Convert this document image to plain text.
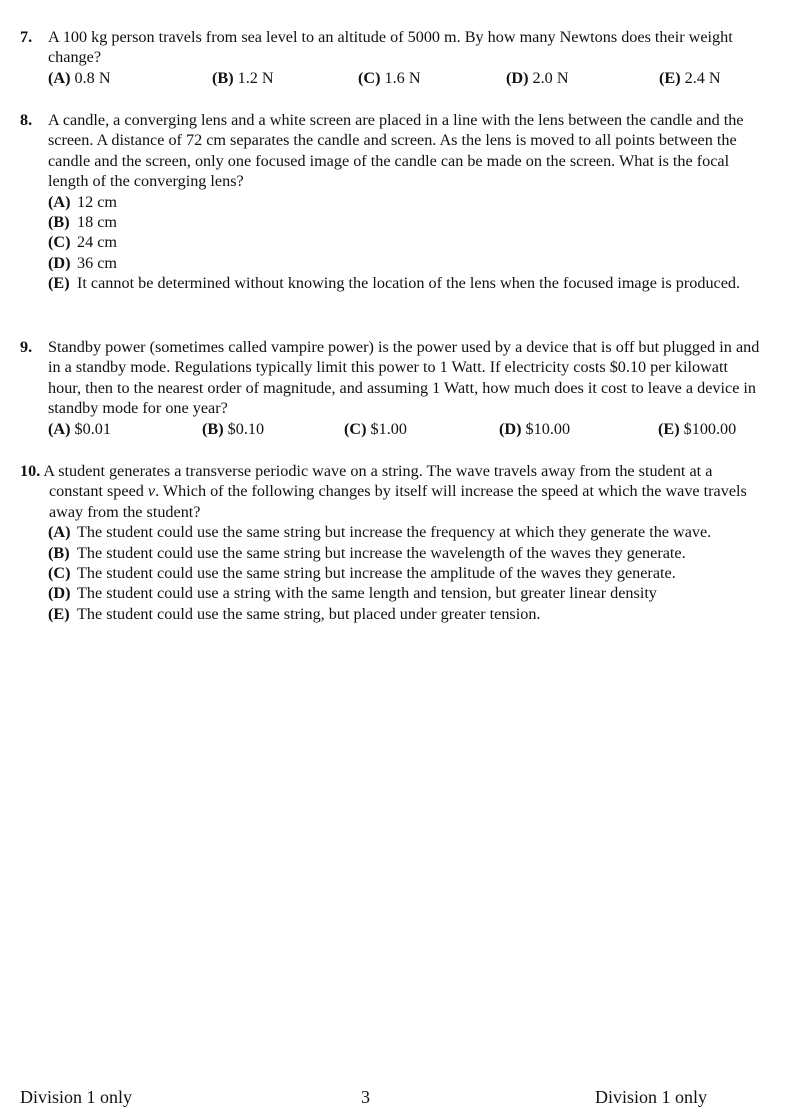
7. A 100 kg person travels from sea level to an altitude of 5000 m. By how many Newtons does their weight change?

(A) 0.8 N	(B) 1.2 N	(C) 1.6 N	(D) 2.0 N	(E) 2.4 N
8. A candle, a converging lens and a white screen are placed in a line with the lens between the candle and the screen. A distance of 72 cm separates the candle and screen. As the lens is moved to all points between the candle and the screen, only one focused image of the candle can be made on the screen. What is the focal length of the converging lens?

(A) 12 cm
(B) 18 cm
(C) 24 cm
(D) 36 cm
(E) It cannot be determined without knowing the location of the lens when the focused image is produced.
9. Standby power (sometimes called vampire power) is the power used by a device that is off but plugged in and in a standby mode. Regulations typically limit this power to 1 Watt. If electricity costs $0.10 per kilowatt hour, then to the nearest order of magnitude, and assuming 1 Watt, how much does it cost to leave a device in standby mode for one year?

(A) $0.01	(B) $0.10	(C) $1.00	(D) $10.00	(E) $100.00

10. A student generates a transverse periodic wave on a string. The wave travels away from the student at a constant speed v. Which of the following changes by itself will increase the speed at which the wave travels away from the student?

(A) The student could use the same string but increase the frequency at which they generate the wave.
(B) The student could use the same string but increase the wavelength of the waves they generate.
(C) The student could use the same string but increase the amplitude of the waves they generate.
(D) The student could use a string with the same length and tension, but greater linear density
(E) The student could use the same string, but placed under greater tension.
Division 1 only	3	Division 1 only
